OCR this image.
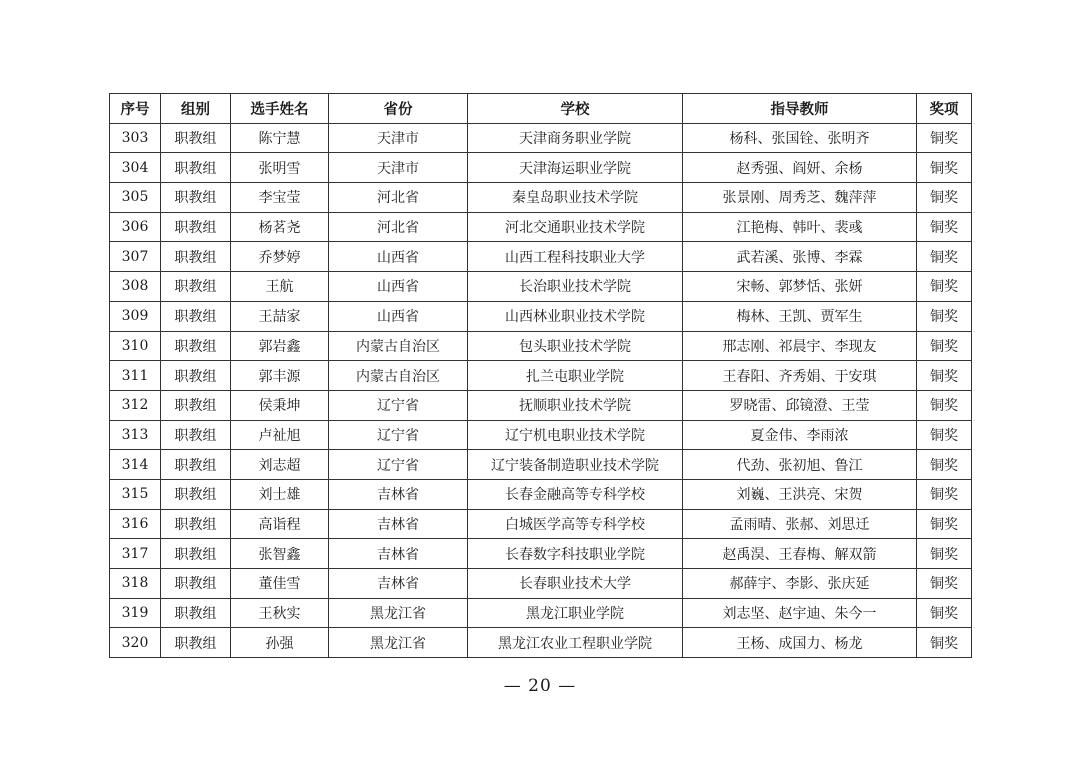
序号	组别	选手姓名	省份	学校	指导教师	奖项
303	职教组	陈宁慧	天津市	天津商务职业学院	杨科、张国铨、张明齐	铜奖
304	职教组	张明雪	天津市	天津海运职业学院	赵秀强、阎妍、余杨	铜奖
305	职教组	李宝莹	河北省	秦皇岛职业技术学院	张景刚、周秀芝、魏萍萍	铜奖
306	职教组	杨茗尧	河北省	河北交通职业技术学院	江艳梅、韩叶、裴彧	铜奖
307	职教组	乔梦婷	山西省	山西工程科技职业大学	武若溪、张博、李霖	铜奖
308	职教组	王航	山西省	长治职业技术学院	宋畅、郭梦恬、张妍	铜奖
309	职教组	王喆家	山西省	山西林业职业技术学院	梅林、王凯、贾军生	铜奖
310	职教组	郭岩鑫	内蒙古自治区	包头职业技术学院	邢志刚、祁晨宇、李现友	铜奖
311	职教组	郭丰源	内蒙古自治区	扎兰屯职业学院	王春阳、齐秀娟、于安琪	铜奖
312	职教组	侯秉坤	辽宁省	抚顺职业技术学院	罗晓雷、邱镜澄、王莹	铜奖
313	职教组	卢祉旭	辽宁省	辽宁机电职业技术学院	夏金伟、李雨浓	铜奖
314	职教组	刘志超	辽宁省	辽宁装备制造职业技术学院	代劲、张初旭、鲁江	铜奖
315	职教组	刘士雄	吉林省	长春金融高等专科学校	刘巍、王洪亮、宋贺	铜奖
316	职教组	高诣程	吉林省	白城医学高等专科学校	孟雨晴、张郝、刘思迁	铜奖
317	职教组	张智鑫	吉林省	长春数字科技职业学院	赵禹淏、王春梅、解双箭	铜奖
318	职教组	董佳雪	吉林省	长春职业技术大学	郝薛宇、李影、张庆延	铜奖
319	职教组	王秋实	黑龙江省	黑龙江职业学院	刘志坚、赵宇迪、朱今一	铜奖
320	职教组	孙强	黑龙江省	黑龙江农业工程职业学院	王杨、成国力、杨龙	铜奖
— 20 —
